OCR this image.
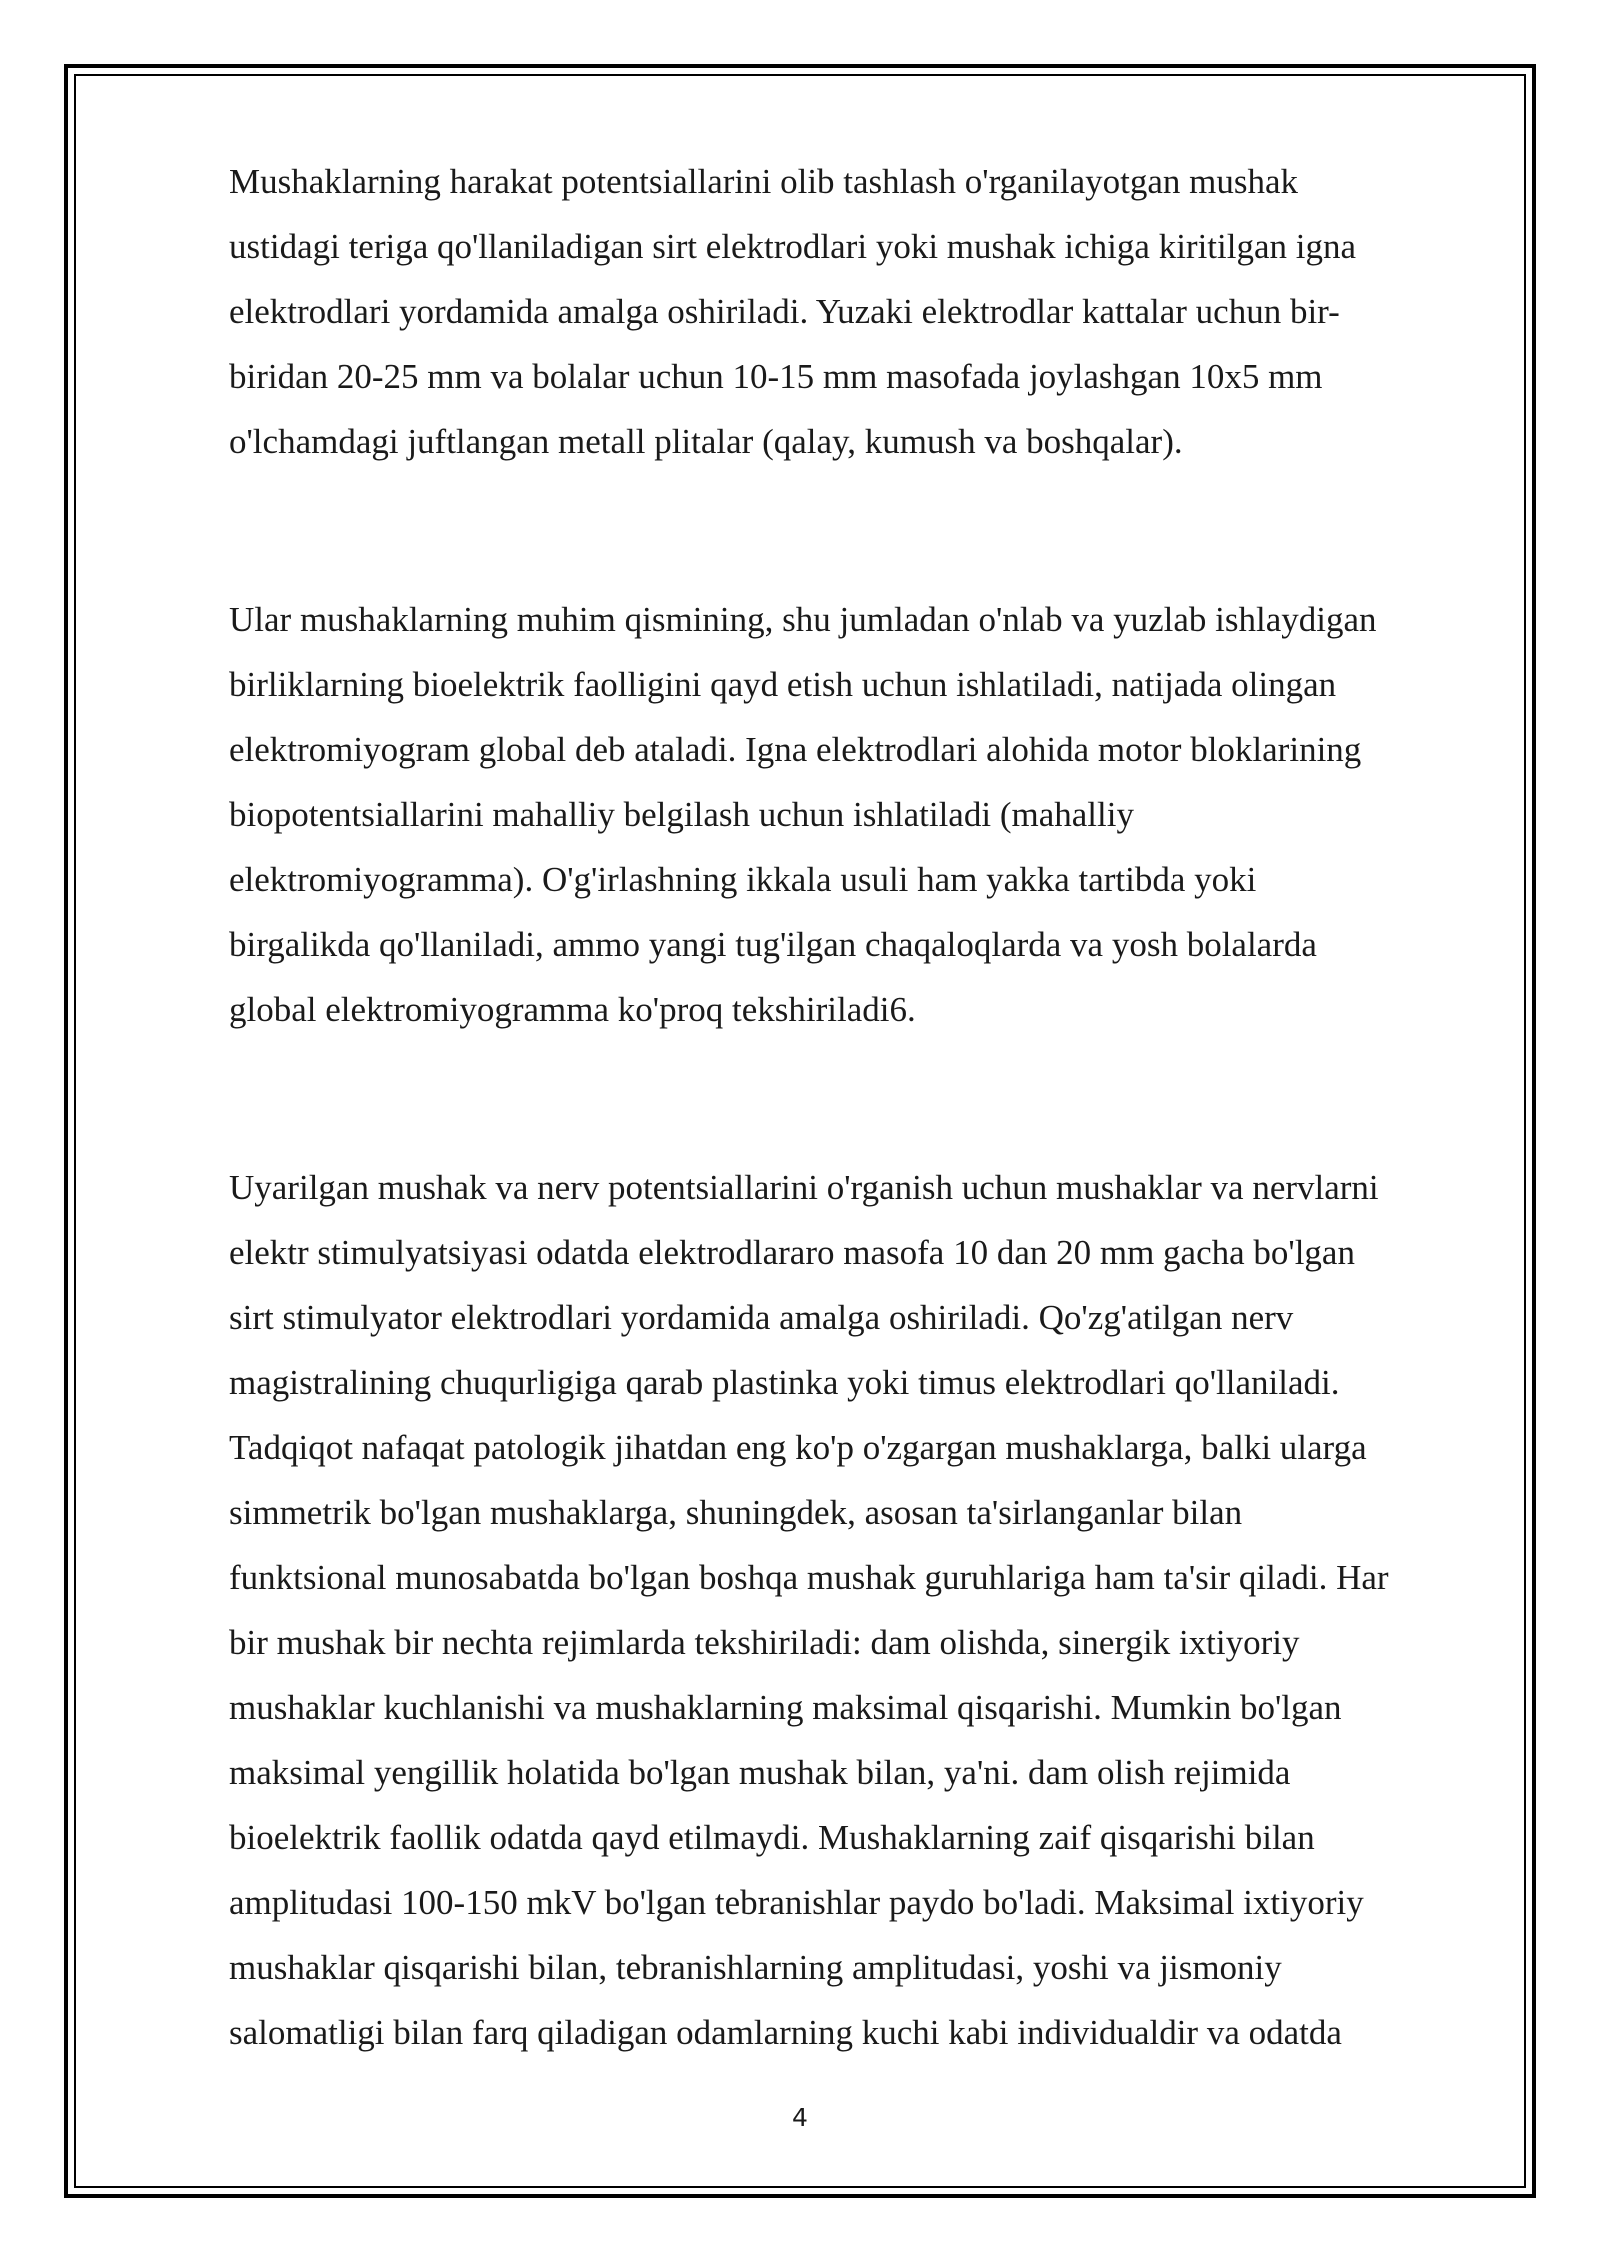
Mushaklarning harakat potentsiallarini olib tashlash o'rganilayotgan mushak
ustidagi teriga qo'llaniladigan sirt elektrodlari yoki mushak ichiga kiritilgan igna
elektrodlari yordamida amalga oshiriladi. Yuzaki elektrodlar kattalar uchun bir-
biridan 20-25 mm va bolalar uchun 10-15 mm masofada joylashgan 10x5 mm
o'lchamdagi juftlangan metall plitalar (qalay, kumush va boshqalar).
Ular mushaklarning muhim qismining, shu jumladan o'nlab va yuzlab ishlaydigan
birliklarning bioelektrik faolligini qayd etish uchun ishlatiladi, natijada olingan
elektromiyogram global deb ataladi. Igna elektrodlari alohida motor bloklarining
biopotentsiallarini mahalliy belgilash uchun ishlatiladi (mahalliy
elektromiyogramma). O'g'irlashning ikkala usuli ham yakka tartibda yoki
birgalikda qo'llaniladi, ammo yangi tug'ilgan chaqaloqlarda va yosh bolalarda
global elektromiyogramma ko'proq tekshiriladi6.
Uyarilgan mushak va nerv potentsiallarini o'rganish uchun mushaklar va nervlarni
elektr stimulyatsiyasi odatda elektrodlararo masofa 10 dan 20 mm gacha bo'lgan
sirt stimulyator elektrodlari yordamida amalga oshiriladi. Qo'zg'atilgan nerv
magistralining chuqurligiga qarab plastinka yoki timus elektrodlari qo'llaniladi.
Tadqiqot nafaqat patologik jihatdan eng ko'p o'zgargan mushaklarga, balki ularga
simmetrik bo'lgan mushaklarga, shuningdek, asosan ta'sirlanganlar bilan
funktsional munosabatda bo'lgan boshqa mushak guruhlariga ham ta'sir qiladi. Har
bir mushak bir nechta rejimlarda tekshiriladi: dam olishda, sinergik ixtiyoriy
mushaklar kuchlanishi va mushaklarning maksimal qisqarishi. Mumkin bo'lgan
maksimal yengillik holatida bo'lgan mushak bilan, ya'ni. dam olish rejimida
bioelektrik faollik odatda qayd etilmaydi. Mushaklarning zaif qisqarishi bilan
amplitudasi 100-150 mkV bo'lgan tebranishlar paydo bo'ladi. Maksimal ixtiyoriy
mushaklar qisqarishi bilan, tebranishlarning amplitudasi, yoshi va jismoniy
salomatligi bilan farq qiladigan odamlarning kuchi kabi individualdir va odatda
4
